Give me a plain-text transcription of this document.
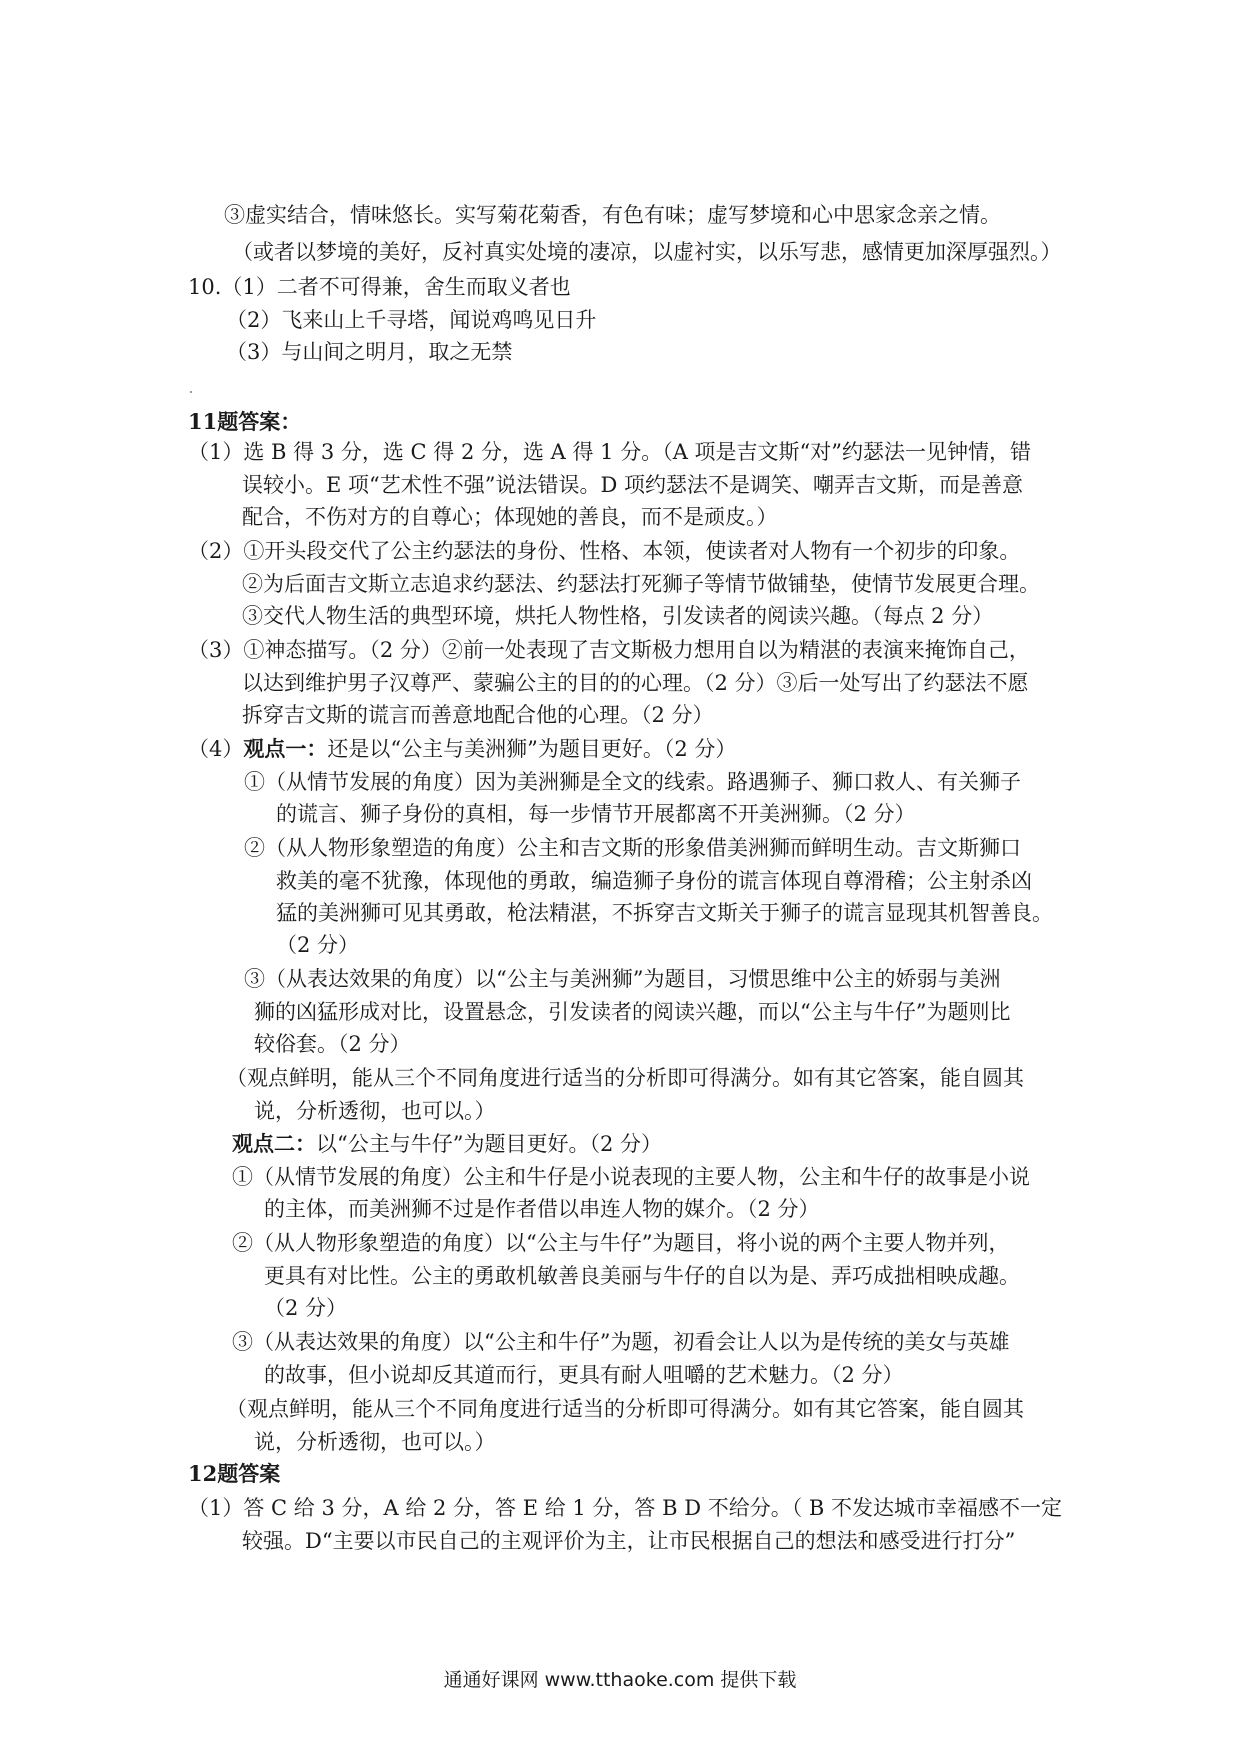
③虚实结合，情味悠长。实写菊花菊香，有色有味；虚写梦境和心中思家念亲之情。
（或者以梦境的美好，反衬真实处境的凄凉，以虚衬实，以乐写悲，感情更加深厚强烈。）
10.（1）二者不可得兼，舍生而取义者也
（2）飞来山上千寻塔，闻说鸡鸣见日升
（3）与山间之明月，取之无禁
11题答案：
（1）选 B 得 3 分，选 C 得 2 分，选 A 得 1 分。（A 项是吉文斯“对”约瑟法一见钟情，错
误较小。E 项“艺术性不强”说法错误。D 项约瑟法不是调笑、嘲弄吉文斯，而是善意
配合，不伤对方的自尊心；体现她的善良，而不是顽皮。）
（2）①开头段交代了公主约瑟法的身份、性格、本领，使读者对人物有一个初步的印象。
②为后面吉文斯立志追求约瑟法、约瑟法打死狮子等情节做铺垫，使情节发展更合理。
③交代人物生活的典型环境，烘托人物性格，引发读者的阅读兴趣。（每点 2 分）
（3）①神态描写。（2 分）②前一处表现了吉文斯极力想用自以为精湛的表演来掩饰自己，
以达到维护男子汉尊严、蒙骗公主的目的的心理。（2 分）③后一处写出了约瑟法不愿
拆穿吉文斯的谎言而善意地配合他的心理。（2 分）
（4）观点一：还是以“公主与美洲狮”为题目更好。（2 分）
①（从情节发展的角度）因为美洲狮是全文的线索。路遇狮子、狮口救人、有关狮子
的谎言、狮子身份的真相，每一步情节开展都离不开美洲狮。（2 分）
②（从人物形象塑造的角度）公主和吉文斯的形象借美洲狮而鲜明生动。吉文斯狮口
救美的毫不犹豫，体现他的勇敢，编造狮子身份的谎言体现自尊滑稽；公主射杀凶
猛的美洲狮可见其勇敢，枪法精湛，不拆穿吉文斯关于狮子的谎言显现其机智善良。
（2 分）
③（从表达效果的角度）以“公主与美洲狮”为题目，习惯思维中公主的娇弱与美洲
狮的凶猛形成对比，设置悬念，引发读者的阅读兴趣，而以“公主与牛仔”为题则比
较俗套。（2 分）
（观点鲜明，能从三个不同角度进行适当的分析即可得满分。如有其它答案，能自圆其
说，分析透彻，也可以。）
观点二：以“公主与牛仔”为题目更好。（2 分）
①（从情节发展的角度）公主和牛仔是小说表现的主要人物，公主和牛仔的故事是小说
的主体，而美洲狮不过是作者借以串连人物的媒介。（2 分）
②（从人物形象塑造的角度）以“公主与牛仔”为题目，将小说的两个主要人物并列，
更具有对比性。公主的勇敢机敏善良美丽与牛仔的自以为是、弄巧成拙相映成趣。
（2 分）
③（从表达效果的角度）以“公主和牛仔”为题，初看会让人以为是传统的美女与英雄
的故事，但小说却反其道而行，更具有耐人咀嚼的艺术魅力。（2 分）
（观点鲜明，能从三个不同角度进行适当的分析即可得满分。如有其它答案，能自圆其
说，分析透彻，也可以。）
12题答案
（1）答 C 给 3 分，A 给 2 分，答 E 给 1 分，答 B D 不给分。（ B 不发达城市幸福感不一定
较强。D“主要以市民自己的主观评价为主，让市民根据自己的想法和感受进行打分”
通通好课网 www.tthaoke.com 提供下载
